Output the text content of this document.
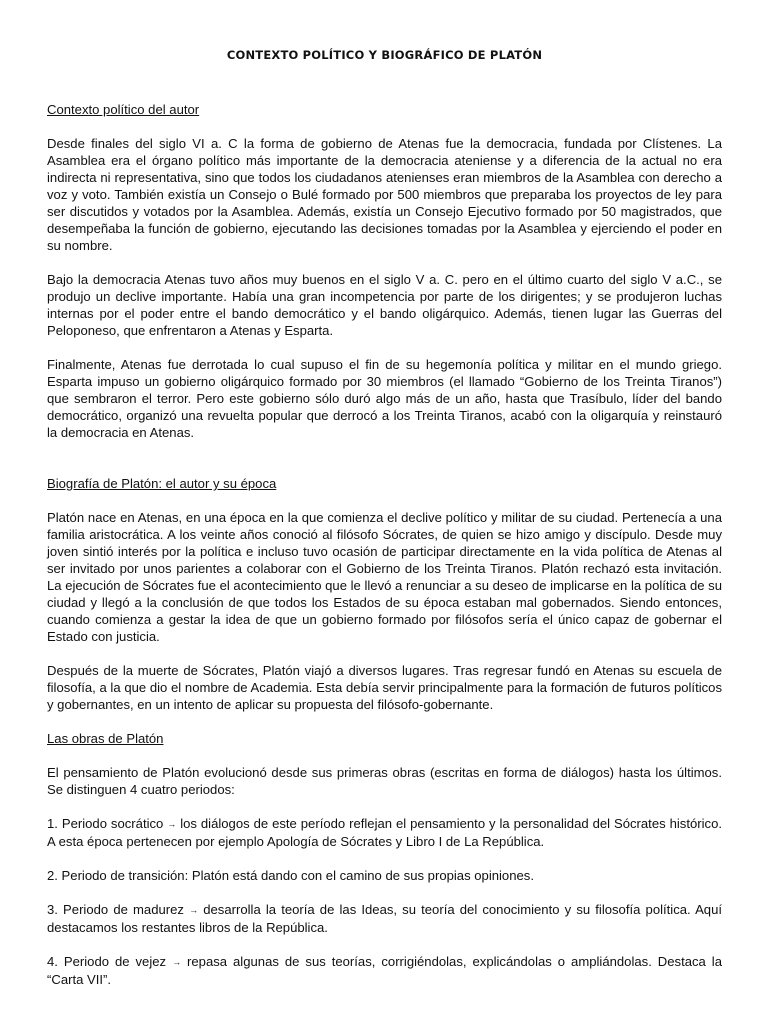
CONTEXTO POLÍTICO Y BIOGRÁFICO DE PLATÓN
Contexto político del autor

Desde finales del siglo VI a. C la forma de gobierno de Atenas fue la democracia, fundada por Clístenes. La Asamblea era el órgano político más importante de la democracia ateniense y a diferencia de la actual no era indirecta ni representativa, sino que todos los ciudadanos atenienses eran miembros de la Asamblea con derecho a voz y voto. También existía un Consejo o Bulé formado por 500 miembros que preparaba los proyectos de ley para ser discutidos y votados por la Asamblea. Además, existía un Consejo Ejecutivo formado por 50 magistrados, que desempeñaba la función de gobierno, ejecutando las decisiones tomadas por la Asamblea y ejerciendo el poder en su nombre.

Bajo la democracia Atenas tuvo años muy buenos en el siglo V a. C. pero en el último cuarto del siglo V a.C., se produjo un declive importante. Había una gran incompetencia por parte de los dirigentes; y se produjeron luchas internas por el poder entre el bando democrático y el bando oligárquico. Además, tienen lugar las Guerras del Peloponeso, que enfrentaron a Atenas y Esparta.

Finalmente, Atenas fue derrotada lo cual supuso el fin de su hegemonía política y militar en el mundo griego. Esparta impuso un gobierno oligárquico formado por 30 miembros (el llamado “Gobierno de los Treinta Tiranos”) que sembraron el terror. Pero este gobierno sólo duró algo más de un año, hasta que Trasíbulo, líder del bando democrático, organizó una revuelta popular que derrocó a los Treinta Tiranos, acabó con la oligarquía y reinstauró la democracia en Atenas.

Biografía de Platón: el autor y su época

Platón nace en Atenas, en una época en la que comienza el declive político y militar de su ciudad. Pertenecía a una familia aristocrática. A los veinte años conoció al filósofo Sócrates, de quien se hizo amigo y discípulo. Desde muy joven sintió interés por la política e incluso tuvo ocasión de participar directamente en la vida política de Atenas al ser invitado por unos parientes a colaborar con el Gobierno de los Treinta Tiranos. Platón rechazó esta invitación. La ejecución de Sócrates fue el acontecimiento que le llevó a renunciar a su deseo de implicarse en la política de su ciudad y llegó a la conclusión de que todos los Estados de su época estaban mal gobernados. Siendo entonces, cuando comienza a gestar la idea de que un gobierno formado por filósofos sería el único capaz de gobernar el Estado con justicia.

Después de la muerte de Sócrates, Platón viajó a diversos lugares. Tras regresar fundó en Atenas su escuela de filosofía, a la que dio el nombre de Academia. Esta debía servir principalmente para la formación de futuros políticos y gobernantes, en un intento de aplicar su propuesta del filósofo-gobernante.

Las obras de Platón

El pensamiento de Platón evolucionó desde sus primeras obras (escritas en forma de diálogos) hasta los últimos. Se distinguen 4 cuatro periodos:

1. Periodo socrático → los diálogos de este período reflejan el pensamiento y la personalidad del Sócrates histórico. A esta época pertenecen por ejemplo Apología de Sócrates y Libro I de La República.

2. Periodo de transición: Platón está dando con el camino de sus propias opiniones.

3. Periodo de madurez → desarrolla la teoría de las Ideas, su teoría del conocimiento y su filosofía política. Aquí destacamos los restantes libros de la República.

4. Periodo de vejez → repasa algunas de sus teorías, corrigiéndolas, explicándolas o ampliándolas. Destaca la “Carta VII”.
